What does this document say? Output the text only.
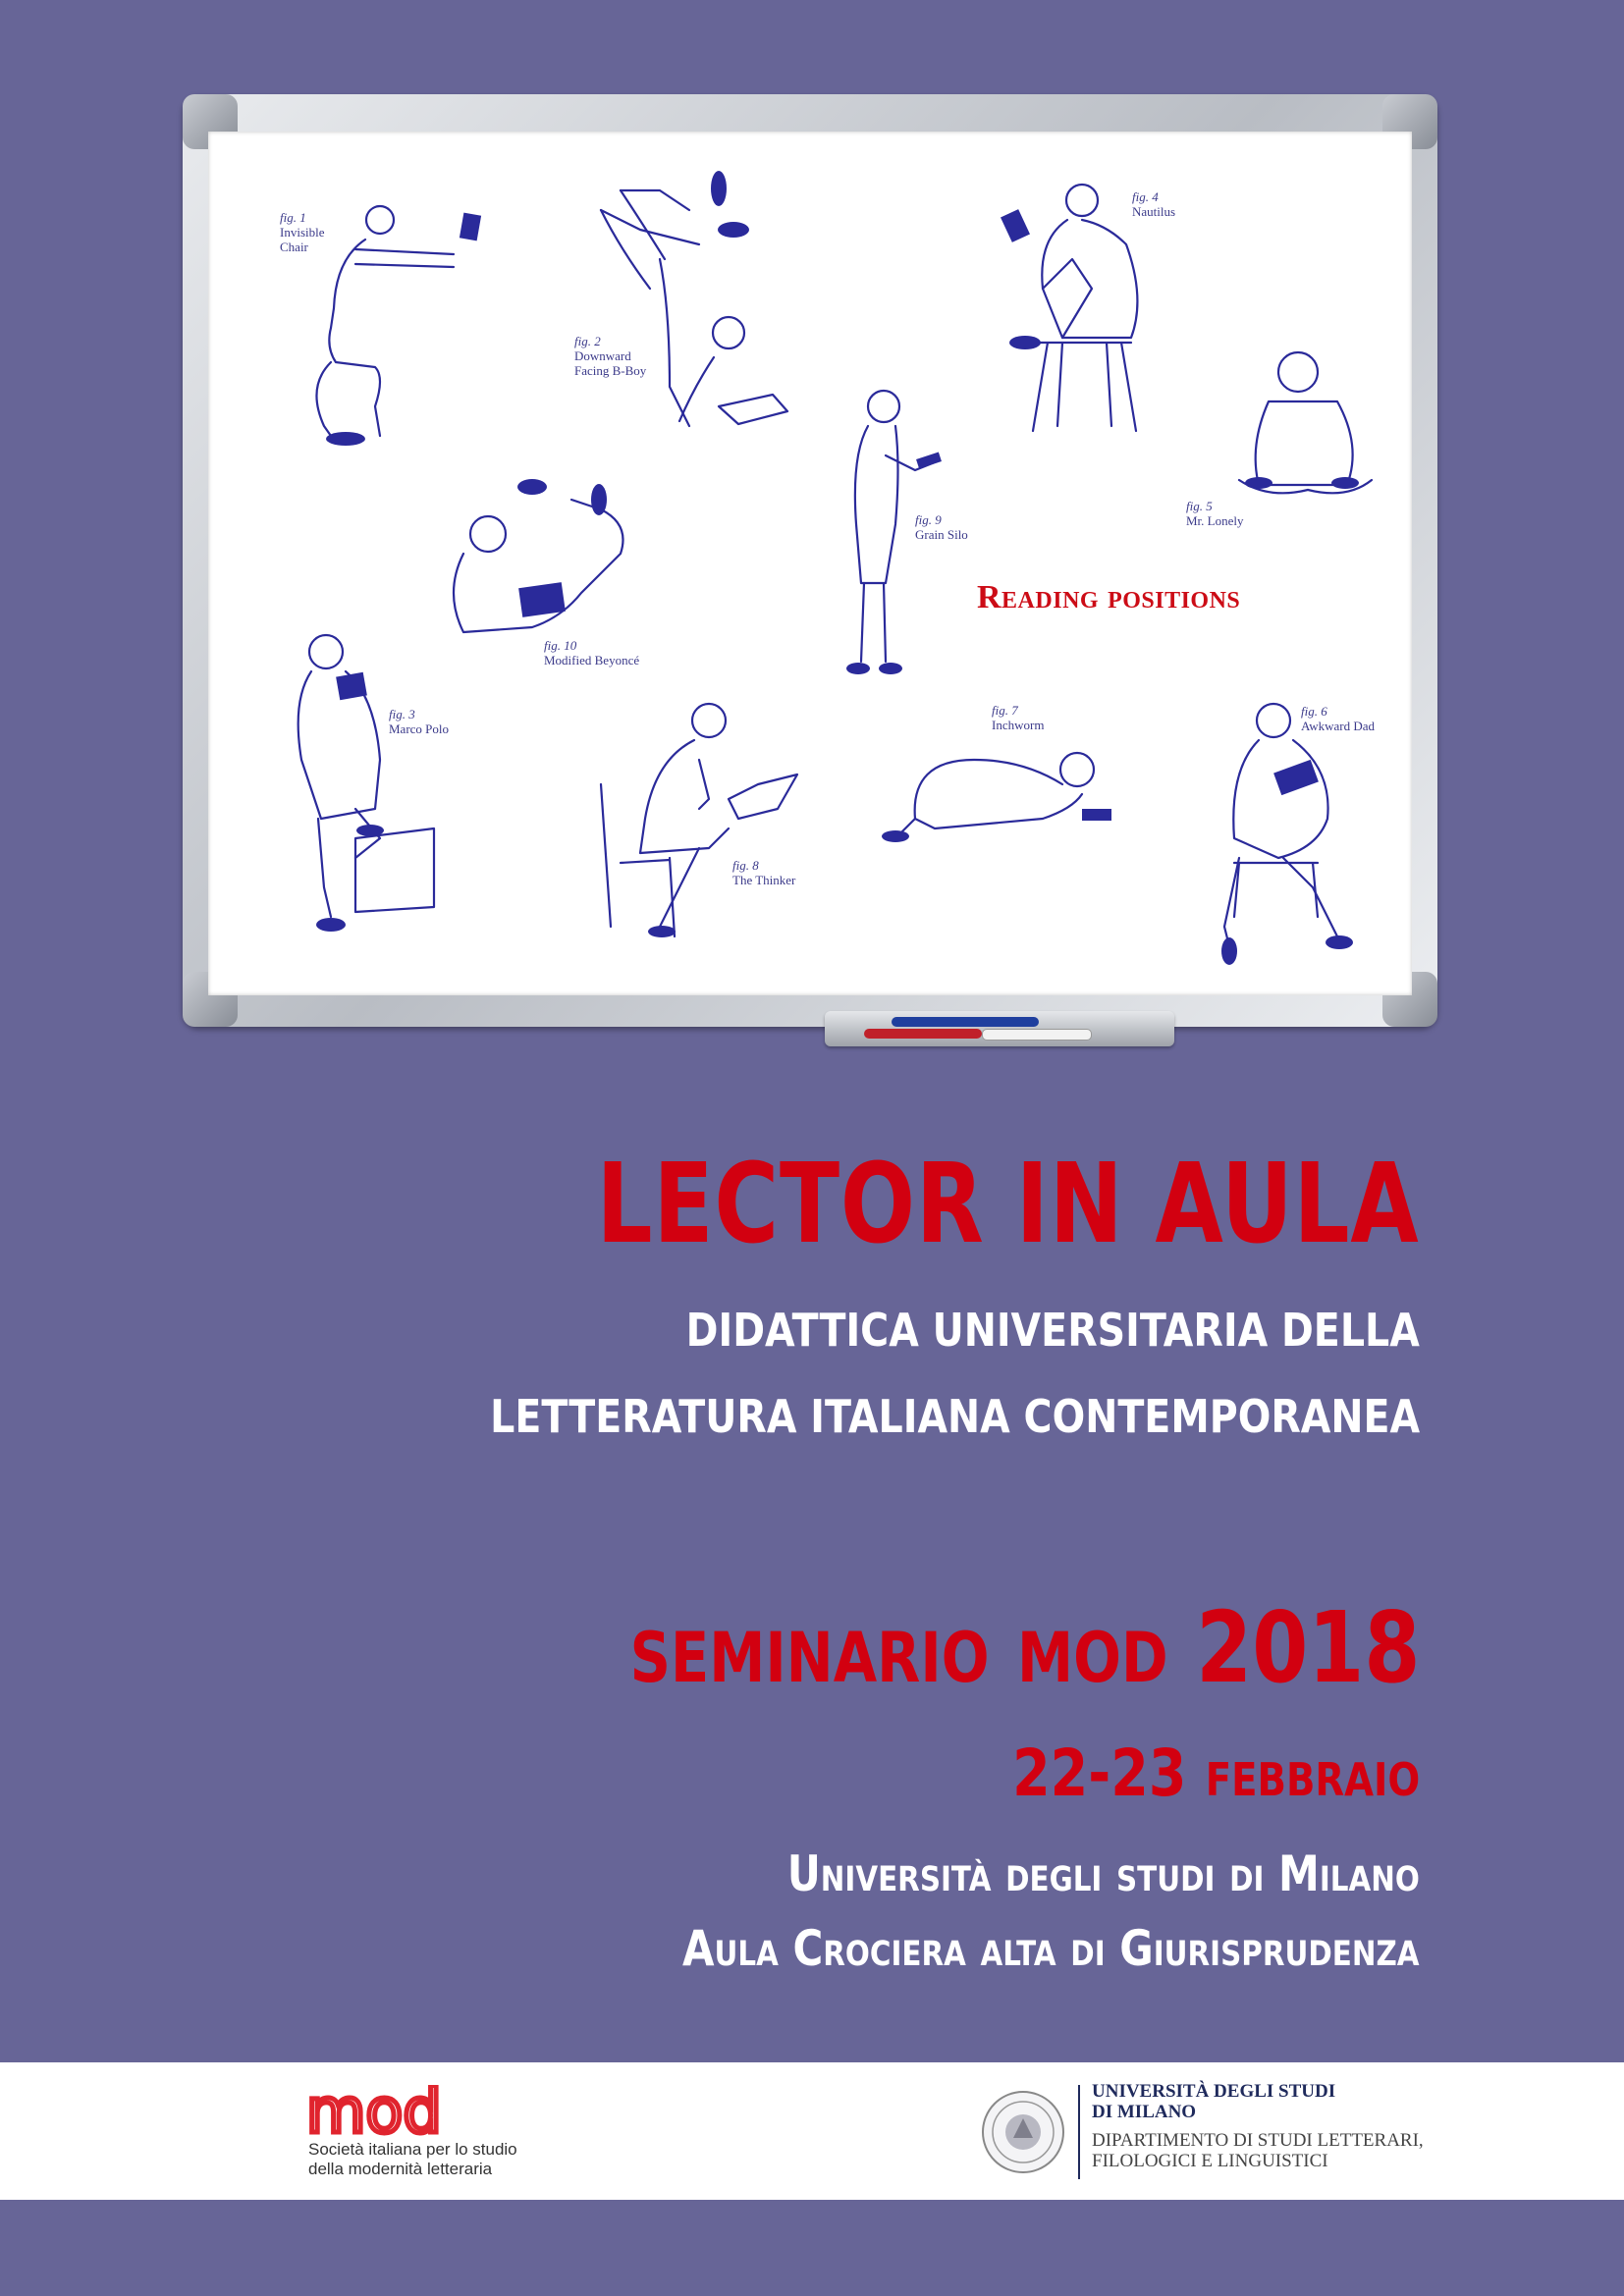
fig. 1
Invisible
Chair
fig. 2
Downward
Facing B-Boy
fig. 3
Marco Polo
fig. 4
Nautilus
fig. 5
Mr. Lonely
fig. 6
Awkward Dad
fig. 7
Inchworm
fig. 8
The Thinker
fig. 9
Grain Silo
fig. 10
Modified Beyoncé
Reading positions
LECTOR IN AULA
DIDATTICA UNIVERSITARIA DELLA
LETTERATURA ITALIANA CONTEMPORANEA
seminario mod 2018
22-23 febbraio
Università degli studi di Milano
Aula Crociera alta di Giurisprudenza
mod
Società italiana per lo studio
della modernità letteraria
UNIVERSITÀ DEGLI STUDI
DI MILANO
DIPARTIMENTO DI STUDI LETTERARI,
FILOLOGICI E LINGUISTICI
